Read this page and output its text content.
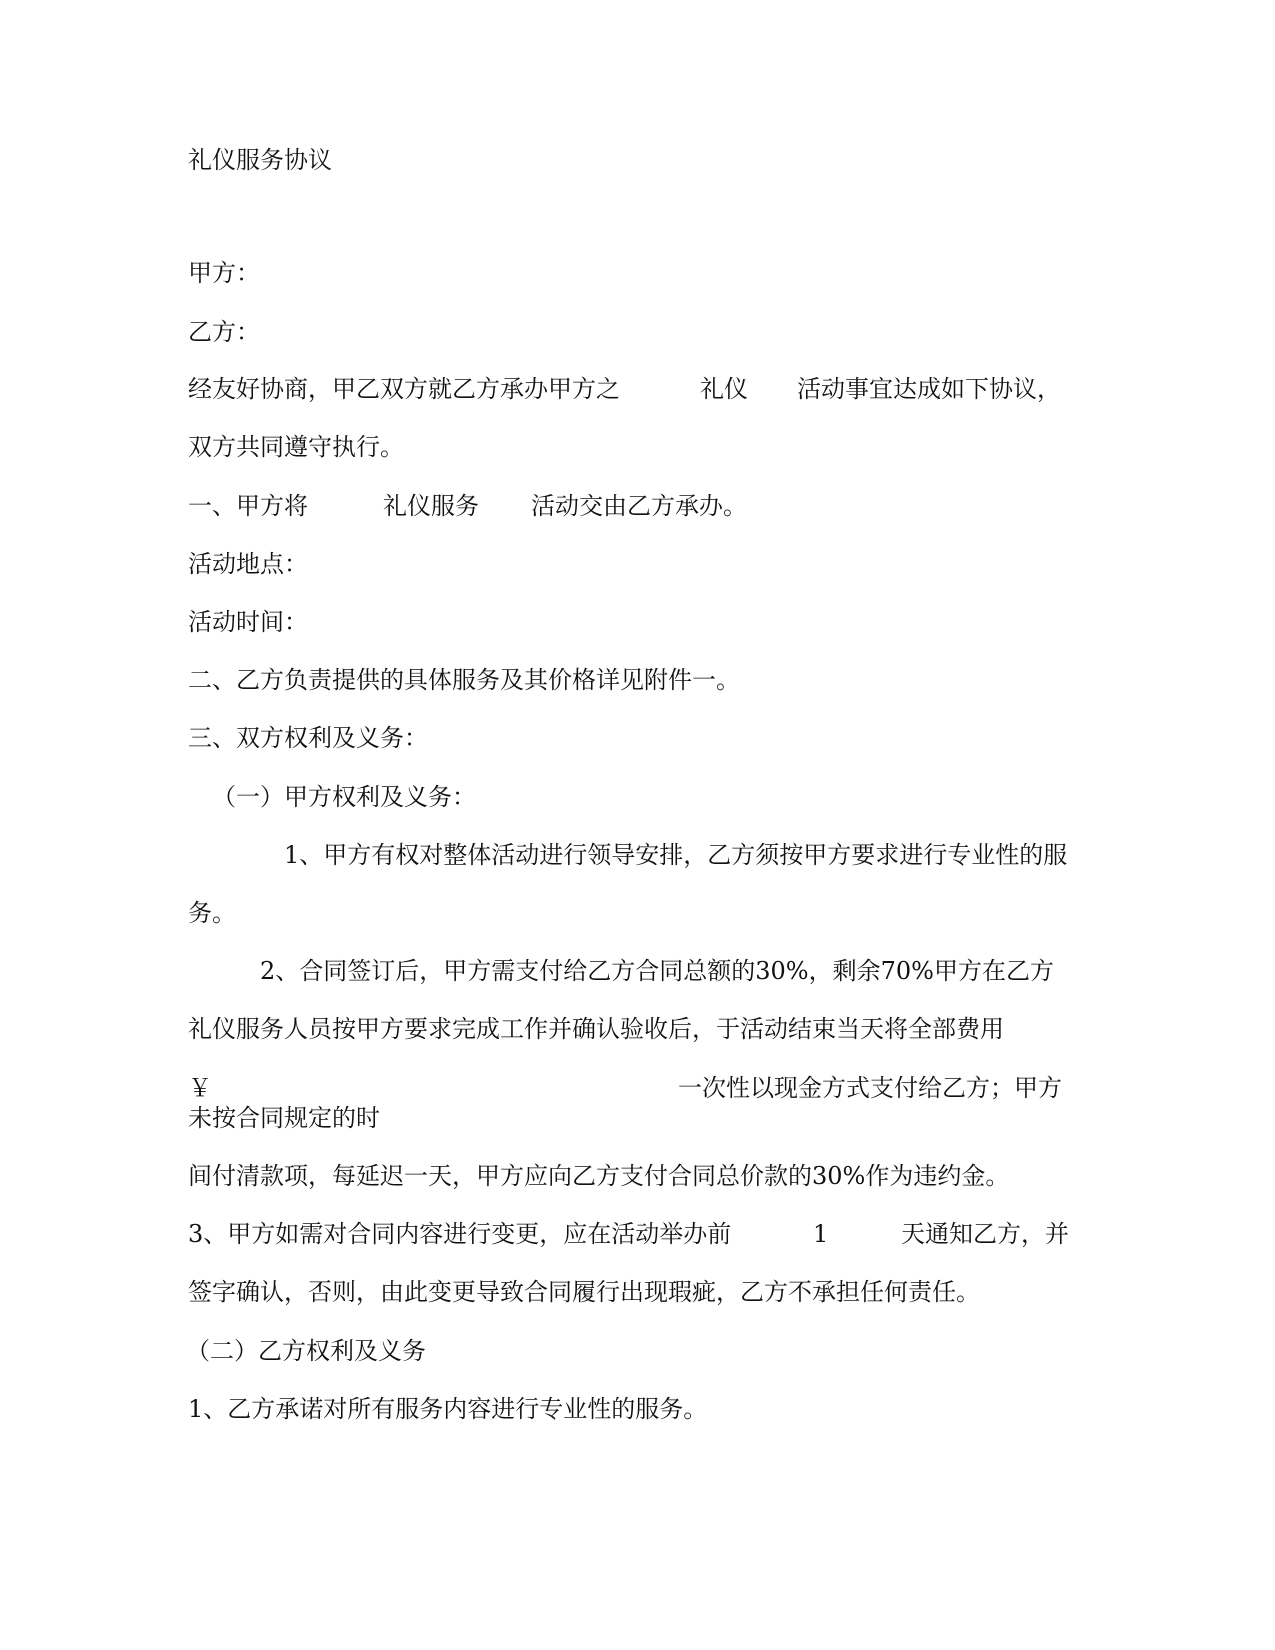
礼仪服务协议
甲方：
乙方：

经友好协商，甲乙双方就乙方承办甲方之

	礼仪

活动事宜达成如下协议，

双方共同遵守执行。

一、甲方将

	礼仪服务

活动交由乙方承办。

活动地点：
活动时间：
二、乙方负责提供的具体服务及其价格详见附件一。
三、双方权利及义务：
（一）甲方权利及义务：
1、甲方有权对整体活动进行领导安排，乙方须按甲方要求进行专业性的服
务。
2、合同签订后，甲方需支付给乙方合同总额的30%，剩余70%甲方在乙方
礼仪服务人员按甲方要求完成工作并确认验收后，于活动结束当天将全部费用

￥

	一次性以现金方式支付给乙方；甲方

未按合同规定的时
间付清款项，每延迟一天，甲方应向乙方支付合同总价款的30%作为违约金。

3、甲方如需对合同内容进行变更，应在活动举办前

	1

	天通知乙方，并

签字确认，否则，由此变更导致合同履行出现瑕疵，乙方不承担任何责任。
（二）乙方权利及义务
1、乙方承诺对所有服务内容进行专业性的服务。
